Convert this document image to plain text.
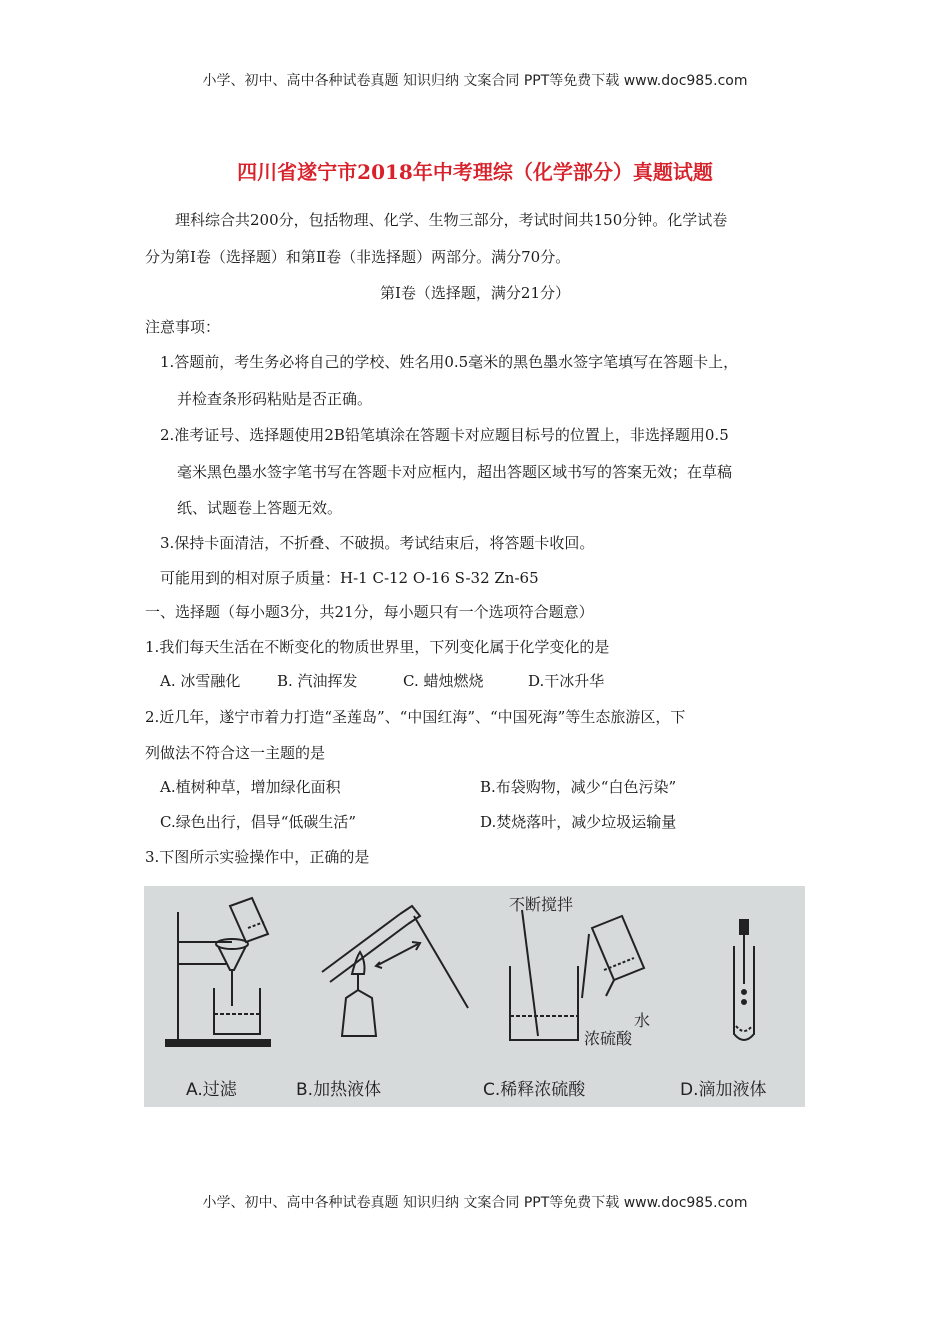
小学、初中、高中各种试卷真题 知识归纳 文案合同 PPT等免费下载 www.doc985.com
四川省遂宁市2018年中考理综（化学部分）真题试题
理科综合共200分，包括物理、化学、生物三部分，考试时间共150分钟。化学试卷
分为第Ⅰ卷（选择题）和第Ⅱ卷（非选择题）两部分。满分70分。
第Ⅰ卷（选择题，满分21分）
注意事项：
1.答题前，考生务必将自己的学校、姓名用0.5毫米的黑色墨水签字笔填写在答题卡上，
并检查条形码粘贴是否正确。
2.准考证号、选择题使用2B铅笔填涂在答题卡对应题目标号的位置上，非选择题用0.5
毫米黑色墨水签字笔书写在答题卡对应框内，超出答题区域书写的答案无效；在草稿
纸、试题卷上答题无效。
3.保持卡面清洁，不折叠、不破损。考试结束后，将答题卡收回。
可能用到的相对原子质量：H-1 C-12 O-16 S-32 Zn-65
一、选择题（每小题3分，共21分，每小题只有一个选项符合题意）
1.我们每天生活在不断变化的物质世界里，下列变化属于化学变化的是
A. 冰雪融化 B. 汽油挥发	C. 蜡烛燃烧	D.干冰升华
2.近几年，遂宁市着力打造“圣莲岛”、“中国红海”、“中国死海”等生态旅游区，下
列做法不符合这一主题的是
A.植树种草，增加绿化面积	B.布袋购物，减少“白色污染”
C.绿色出行，倡导“低碳生活”	D.焚烧落叶，减少垃圾运输量
3.下图所示实验操作中，正确的是
不断搅拌
水
浓硫酸
A.过滤	B.加热液体	C.稀释浓硫酸	D.滴加液体
小学、初中、高中各种试卷真题 知识归纳 文案合同 PPT等免费下载 www.doc985.com
